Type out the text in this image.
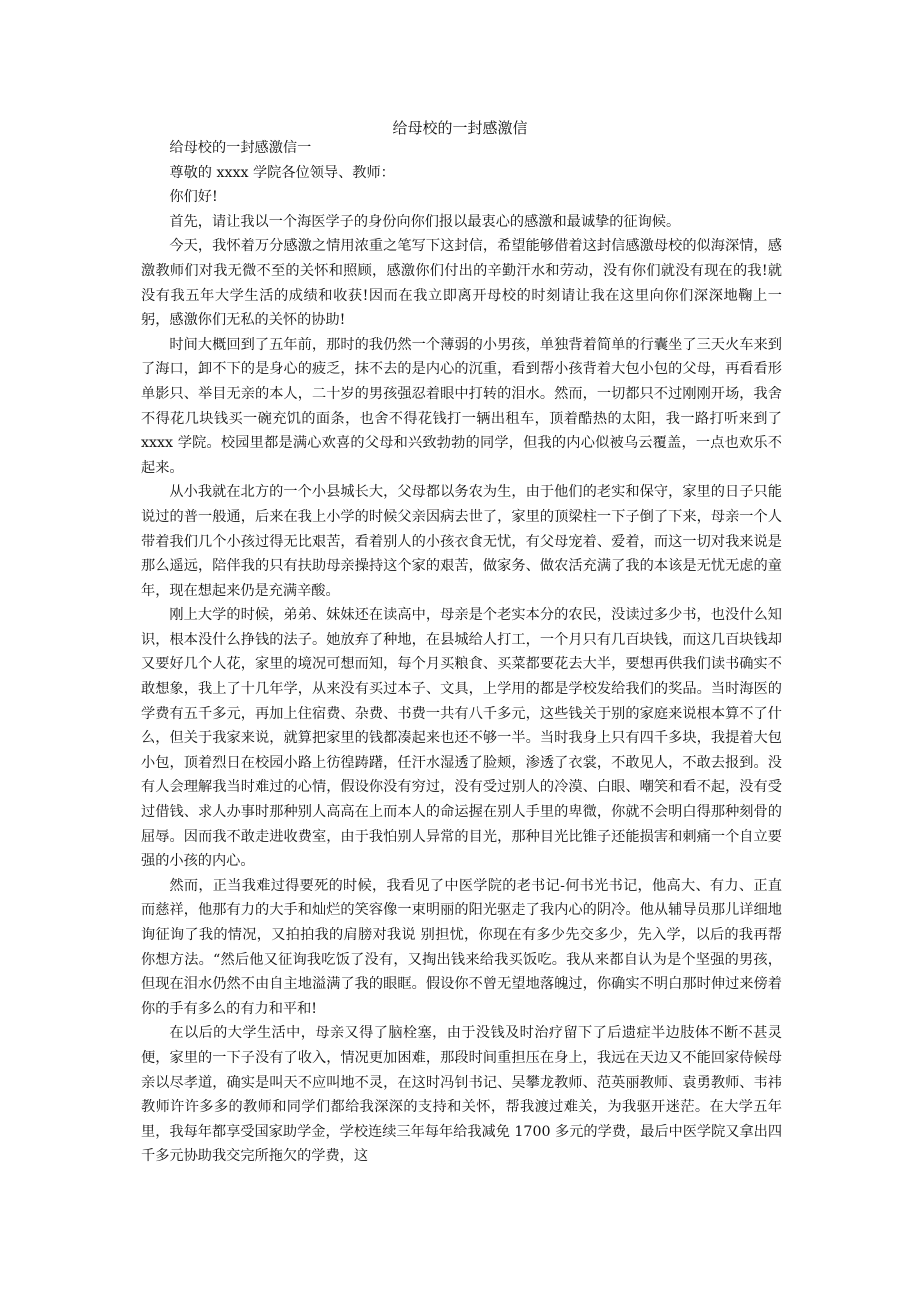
给母校的一封感激信

给母校的一封感激信一

尊敬的 xxxx 学院各位领导、教师：

你们好!

首先，请让我以一个海医学子的身份向你们报以最衷心的感激和最诚挚的征询候。

今天，我怀着万分感激之情用浓重之笔写下这封信，希望能够借着这封信感激母校的似海深情，感激教师们对我无微不至的关怀和照顾，感激你们付出的辛勤汗水和劳动，没有你们就没有现在的我!就没有我五年大学生活的成绩和收获!因而在我立即离开母校的时刻请让我在这里向你们深深地鞠上一躬，感激你们无私的关怀的协助!

时间大概回到了五年前，那时的我仍然一个薄弱的小男孩，单独背着简单的行囊坐了三天火车来到了海口，卸不下的是身心的疲乏，抹不去的是内心的沉重，看到帮小孩背着大包小包的父母，再看看形单影只、举目无亲的本人，二十岁的男孩强忍着眼中打转的泪水。然而，一切都只不过刚刚开场，我舍不得花几块钱买一碗充饥的面条，也舍不得花钱打一辆出租车，顶着酷热的太阳，我一路打听来到了 xxxx 学院。校园里都是满心欢喜的父母和兴致勃勃的同学，但我的内心似被乌云覆盖，一点也欢乐不起来。

从小我就在北方的一个小县城长大，父母都以务农为生，由于他们的老实和保守，家里的日子只能说过的普一般通，后来在我上小学的时候父亲因病去世了，家里的顶梁柱一下子倒了下来，母亲一个人带着我们几个小孩过得无比艰苦，看着别人的小孩衣食无忧，有父母宠着、爱着，而这一切对我来说是那么遥远，陪伴我的只有扶助母亲操持这个家的艰苦，做家务、做农活充满了我的本该是无忧无虑的童年，现在想起来仍是充满辛酸。

刚上大学的时候，弟弟、妹妹还在读高中，母亲是个老实本分的农民，没读过多少书，也没什么知识，根本没什么挣钱的法子。她放弃了种地，在县城给人打工，一个月只有几百块钱，而这几百块钱却又要好几个人花，家里的境况可想而知，每个月买粮食、买菜都要花去大半，要想再供我们读书确实不敢想象，我上了十几年学，从来没有买过本子、文具，上学用的都是学校发给我们的奖品。当时海医的学费有五千多元，再加上住宿费、杂费、书费一共有八千多元，这些钱关于别的家庭来说根本算不了什么，但关于我家来说，就算把家里的钱都凑起来也还不够一半。当时我身上只有四千多块，我提着大包小包，顶着烈日在校园小路上彷徨踌躇，任汗水湿透了脸颊，渗透了衣裳，不敢见人，不敢去报到。没有人会理解我当时难过的心情，假设你没有穷过，没有受过别人的冷漠、白眼、嘲笑和看不起，没有受过借钱、求人办事时那种别人高高在上而本人的命运握在别人手里的卑微，你就不会明白得那种刻骨的屈辱。因而我不敢走进收费室，由于我怕别人异常的目光，那种目光比锥子还能损害和刺痛一个自立要强的小孩的内心。

然而，正当我难过得要死的时候，我看见了中医学院的老书记-何书光书记，他高大、有力、正直而慈祥，他那有力的大手和灿烂的笑容像一束明丽的阳光驱走了我内心的阴冷。他从辅导员那儿详细地询征询了我的情况，又拍拍我的肩膀对我说 别担忧，你现在有多少先交多少，先入学，以后的我再帮你想方法。“然后他又征询我吃饭了没有，又掏出钱来给我买饭吃。我从来都自认为是个坚强的男孩，但现在泪水仍然不由自主地溢满了我的眼眶。假设你不曾无望地落魄过，你确实不明白那时伸过来傍着你的手有多么的有力和平和!

在以后的大学生活中，母亲又得了脑栓塞，由于没钱及时治疗留下了后遗症半边肢体不断不甚灵便，家里的一下子没有了收入，情况更加困难，那段时间重担压在身上，我远在天边又不能回家侍候母亲以尽孝道，确实是叫天不应叫地不灵，在这时冯钊书记、吴攀龙教师、范英丽教师、袁勇教师、韦祎教师许许多多的教师和同学们都给我深深的支持和关怀，帮我渡过难关，为我驱开迷茫。在大学五年里，我每年都享受国家助学金，学校连续三年每年给我减免 1700 多元的学费，最后中医学院又拿出四千多元协助我交完所拖欠的学费，这
